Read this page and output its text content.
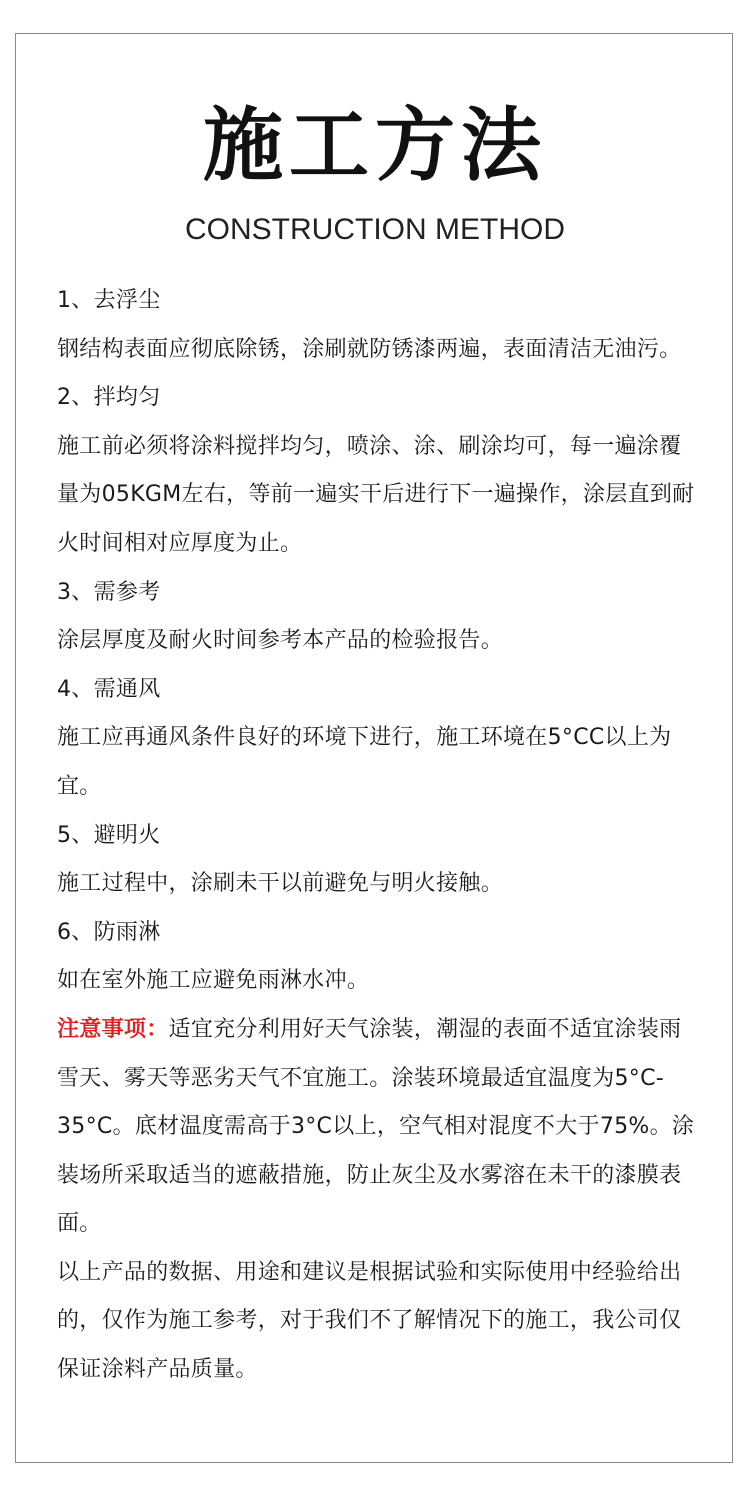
施工方法
CONSTRUCTION METHOD

1、去浮尘

钢结构表面应彻底除锈，涂刷就防锈漆两遍，表面清洁无油污。

2、拌均匀

施工前必须将涂料搅拌均匀，喷涂、涂、刷涂均可，每一遍涂覆量为05KGM左右，等前一遍实干后进行下一遍操作，涂层直到耐火时间相对应厚度为止。

3、需参考

涂层厚度及耐火时间参考本产品的检验报告。

4、需通风

施工应再通风条件良好的环境下进行，施工环境在5°CC以上为宜。

5、避明火

施工过程中，涂刷未干以前避免与明火接触。

6、防雨淋

如在室外施工应避免雨淋水冲。

注意事项：适宜充分利用好天气涂装，潮湿的表面不适宜涂装雨雪天、雾天等恶劣天气不宜施工。涂装环境最适宜温度为5°C-35°C。底材温度需高于3°C以上，空气相对混度不大于75%。涂装场所采取适当的遮蔽措施，防止灰尘及水雾溶在未干的漆膜表面。

以上产品的数据、用途和建议是根据试验和实际使用中经验给出的，仅作为施工参考，对于我们不了解情况下的施工，我公司仅保证涂料产品质量。
